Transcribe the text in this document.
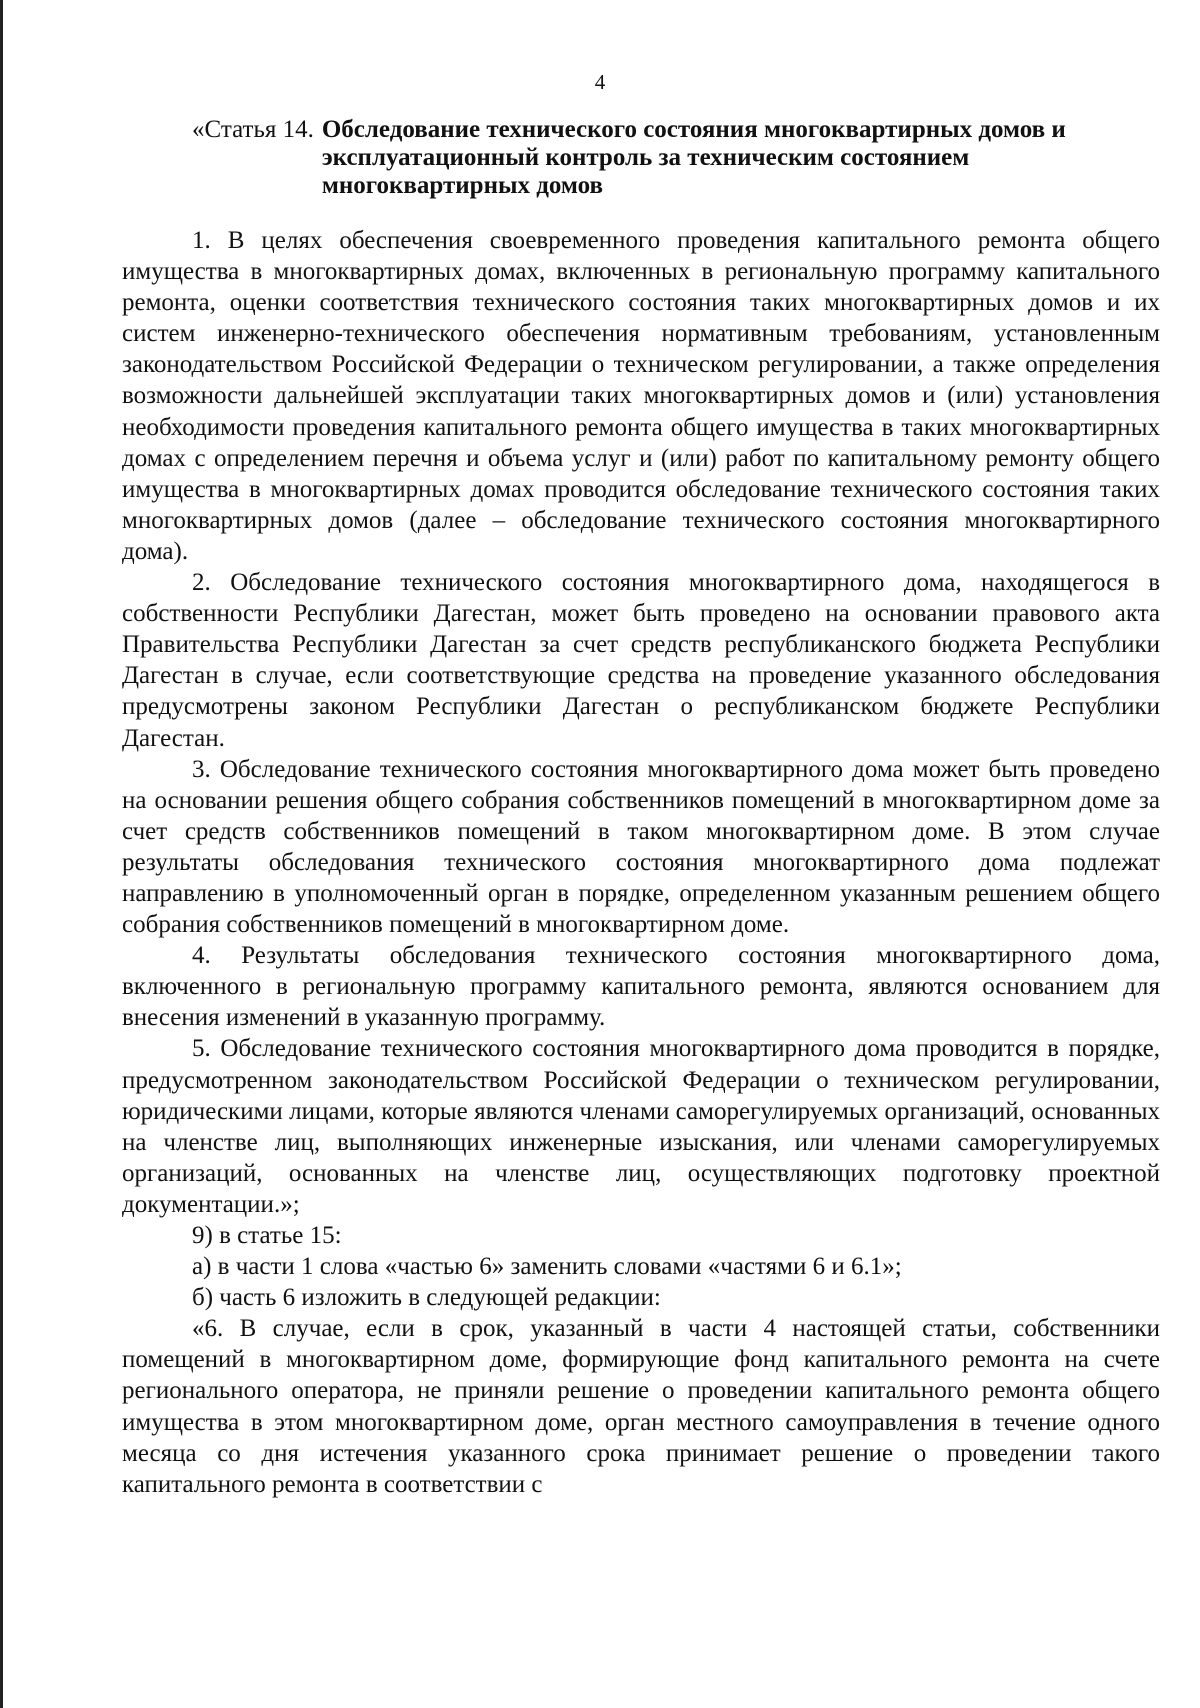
4
«Статья 14. Обследование технического состояния многоквартирных домов и эксплуатационный контроль за техническим состоянием многоквартирных домов

1. В целях обеспечения своевременного проведения капитального ремонта общего имущества в многоквартирных домах, включенных в региональную программу капитального ремонта, оценки соответствия технического состояния таких многоквартирных домов и их систем инженерно-технического обеспечения нормативным требованиям, установленным законодательством Российской Федерации о техническом регулировании, а также определения возможности дальнейшей эксплуатации таких многоквартирных домов и (или) установления необходимости проведения капитального ремонта общего имущества в таких многоквартирных домах с определением перечня и объема услуг и (или) работ по капитальному ремонту общего имущества в многоквартирных домах проводится обследование технического состояния таких многоквартирных домов (далее – обследование технического состояния многоквартирного дома).

2. Обследование технического состояния многоквартирного дома, находящегося в собственности Республики Дагестан, может быть проведено на основании правового акта Правительства Республики Дагестан за счет средств республиканского бюджета Республики Дагестан в случае, если соответствующие средства на проведение указанного обследования предусмотрены законом Республики Дагестан о республиканском бюджете Республики Дагестан.

3. Обследование технического состояния многоквартирного дома может быть проведено на основании решения общего собрания собственников помещений в многоквартирном доме за счет средств собственников помещений в таком многоквартирном доме. В этом случае результаты обследования технического состояния многоквартирного дома подлежат направлению в уполномоченный орган в порядке, определенном указанным решением общего собрания собственников помещений в многоквартирном доме.

4. Результаты обследования технического состояния многоквартирного дома, включенного в региональную программу капитального ремонта, являются основанием для внесения изменений в указанную программу.

5. Обследование технического состояния многоквартирного дома проводится в порядке, предусмотренном законодательством Российской Федерации о техническом регулировании, юридическими лицами, которые являются членами саморегулируемых организаций, основанных на членстве лиц, выполняющих инженерные изыскания, или членами саморегулируемых организаций, основанных на членстве лиц, осуществляющих подготовку проектной документации.»;

9) в статье 15:

а) в части 1 слова «частью 6» заменить словами «частями 6 и 6.1»;

б) часть 6 изложить в следующей редакции:

«6. В случае, если в срок, указанный в части 4 настоящей статьи, собственники помещений в многоквартирном доме, формирующие фонд капитального ремонта на счете регионального оператора, не приняли решение о проведении капитального ремонта общего имущества в этом многоквартирном доме, орган местного самоуправления в течение одного месяца со дня истечения указанного срока принимает решение о проведении такого капитального ремонта в соответствии с
